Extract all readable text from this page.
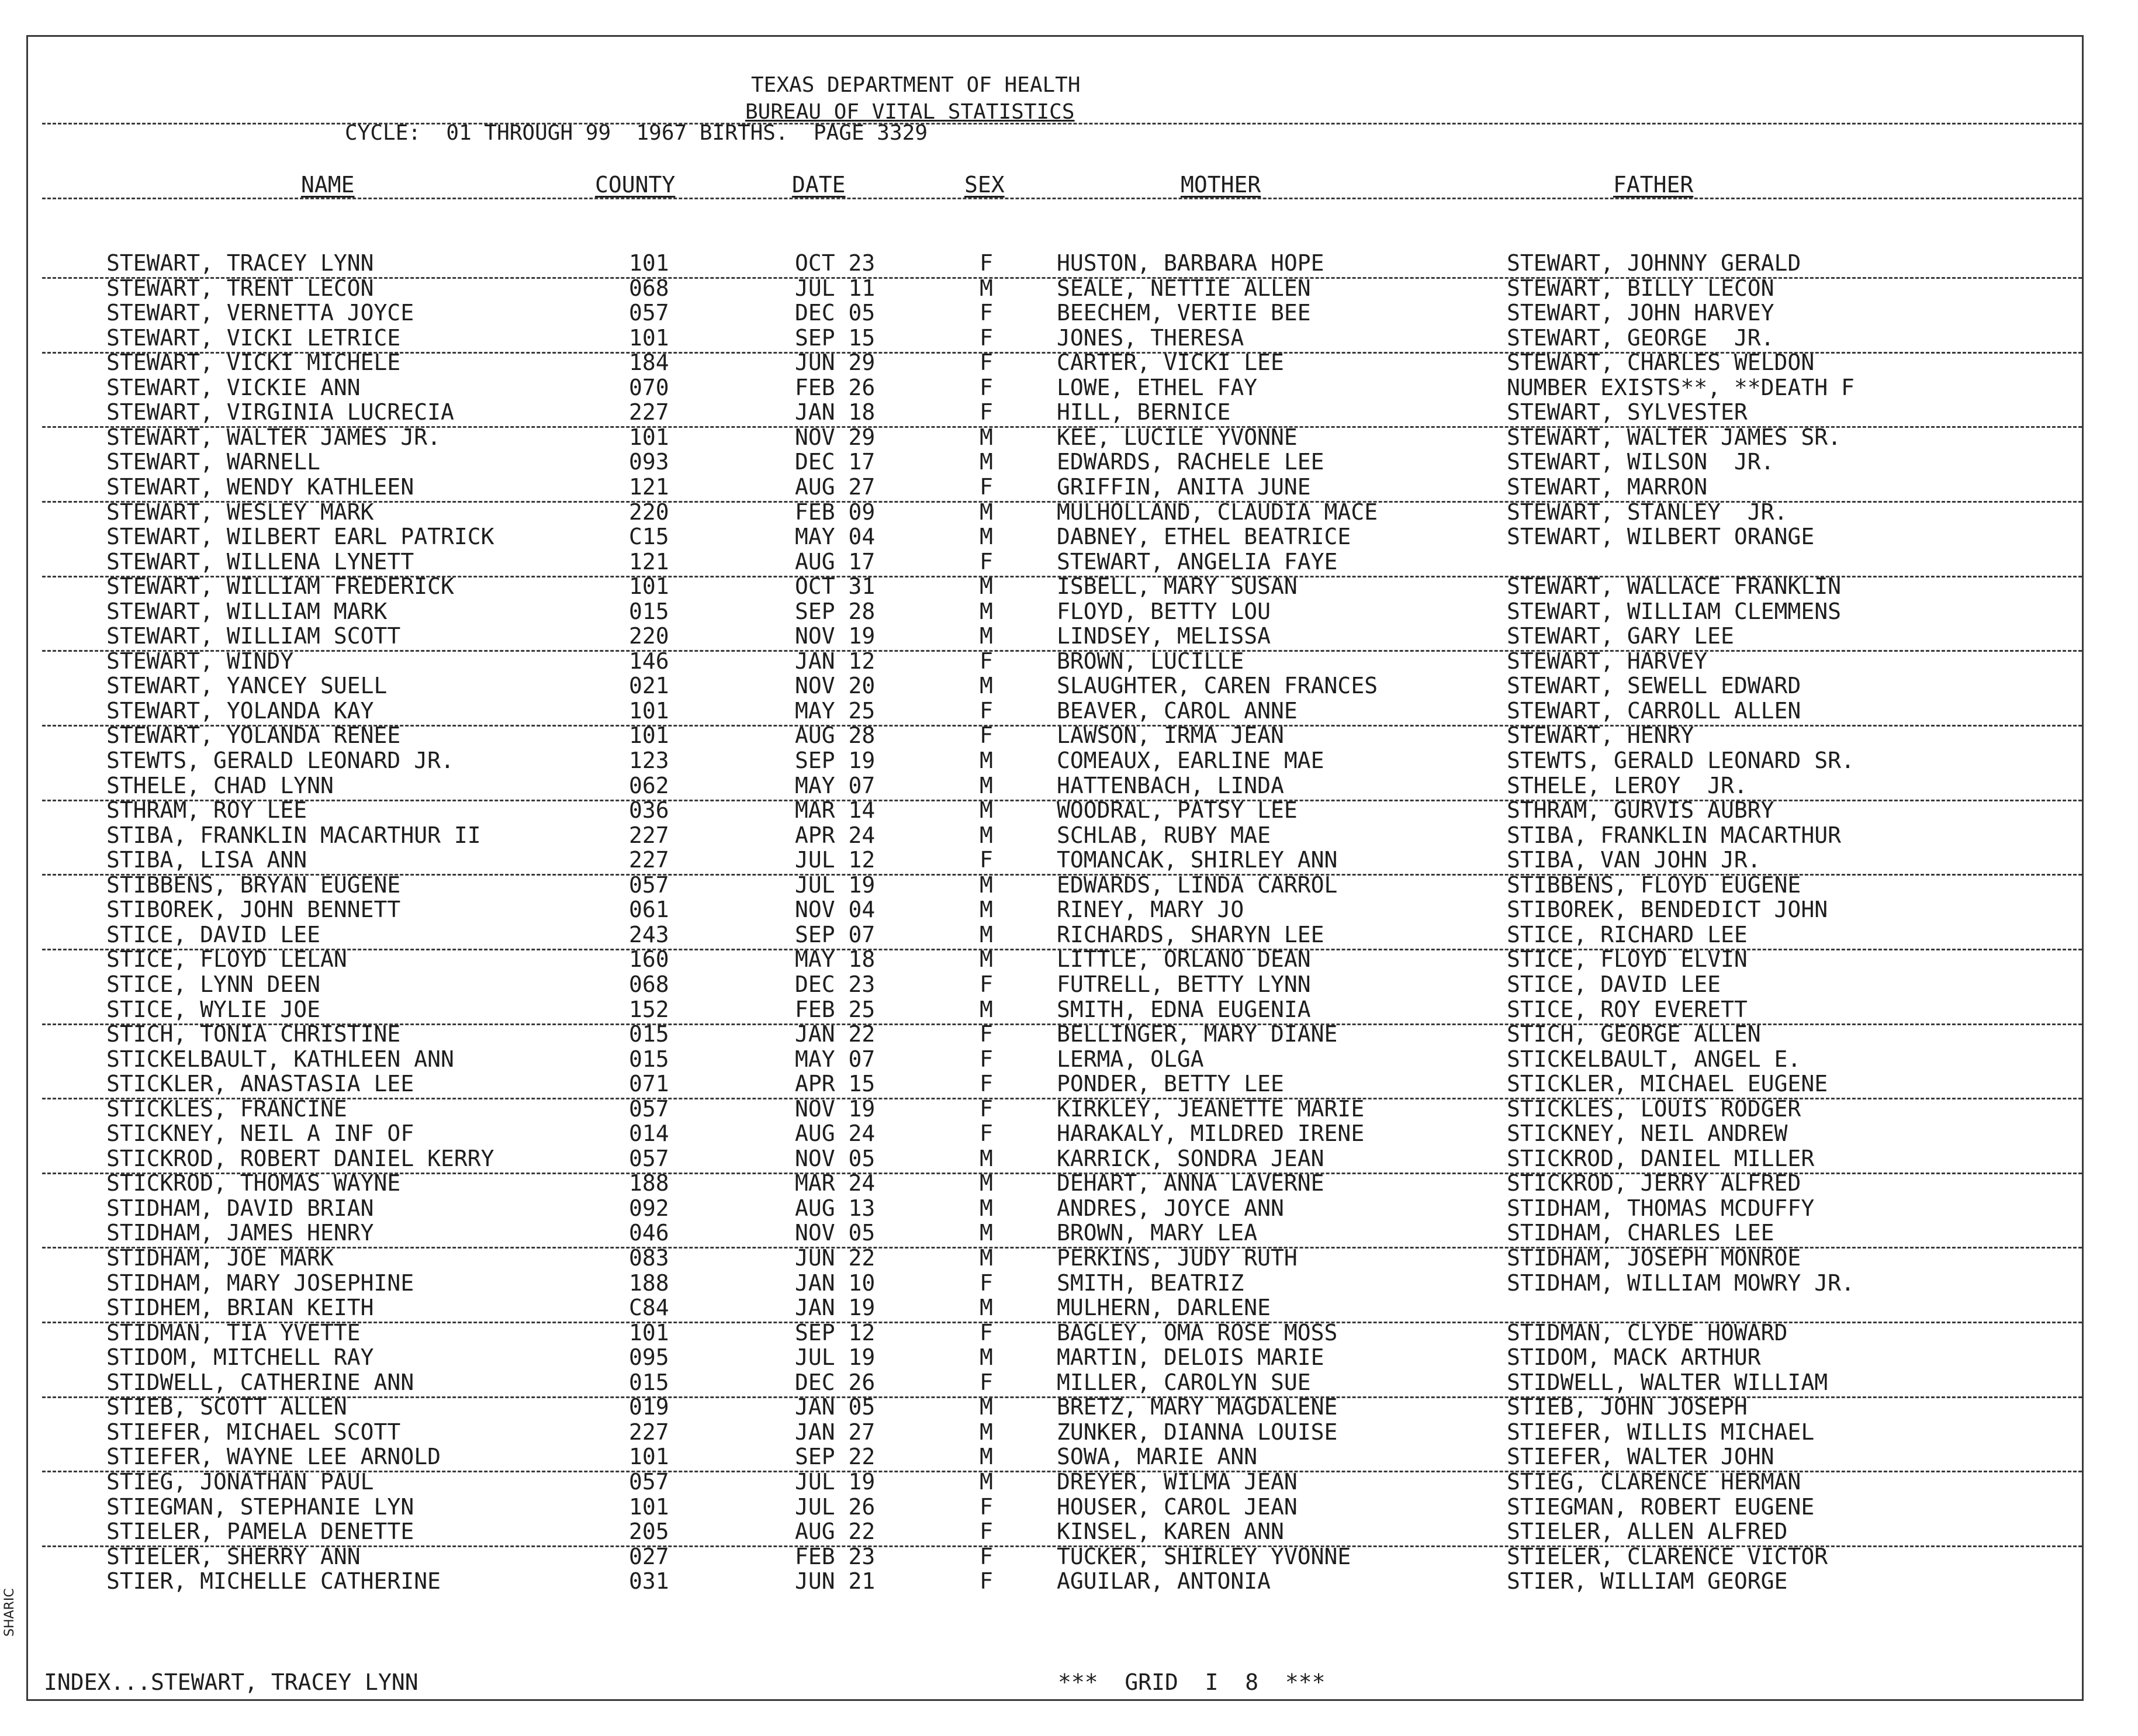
TEXAS DEPARTMENT OF HEALTH
BUREAU OF VITAL STATISTICS
CYCLE:  01 THROUGH 99  1967 BIRTHS.  PAGE 3329
NAME	COUNTY	DATE	SEX	MOTHER	FATHER
STEWART, TRACEY LYNN	101	OCT 23	F	HUSTON, BARBARA HOPE	STEWART, JOHNNY GERALD
STEWART, TRENT LECON	068	JUL 11	M	SEALE, NETTIE ALLEN	STEWART, BILLY LECON
STEWART, VERNETTA JOYCE	057	DEC 05	F	BEECHEM, VERTIE BEE	STEWART, JOHN HARVEY
STEWART, VICKI LETRICE	101	SEP 15	F	JONES, THERESA	STEWART, GEORGE  JR.
STEWART, VICKI MICHELE	184	JUN 29	F	CARTER, VICKI LEE	STEWART, CHARLES WELDON
STEWART, VICKIE ANN	070	FEB 26	F	LOWE, ETHEL FAY	NUMBER EXISTS**, **DEATH F
STEWART, VIRGINIA LUCRECIA	227	JAN 18	F	HILL, BERNICE	STEWART, SYLVESTER
STEWART, WALTER JAMES JR.	101	NOV 29	M	KEE, LUCILE YVONNE	STEWART, WALTER JAMES SR.
STEWART, WARNELL	093	DEC 17	M	EDWARDS, RACHELE LEE	STEWART, WILSON  JR.
STEWART, WENDY KATHLEEN	121	AUG 27	F	GRIFFIN, ANITA JUNE	STEWART, MARRON
STEWART, WESLEY MARK	220	FEB 09	M	MULHOLLAND, CLAUDIA MACE	STEWART, STANLEY  JR.
STEWART, WILBERT EARL PATRICK	C15	MAY 04	M	DABNEY, ETHEL BEATRICE	STEWART, WILBERT ORANGE
STEWART, WILLENA LYNETT	121	AUG 17	F	STEWART, ANGELIA FAYE
STEWART, WILLIAM FREDERICK	101	OCT 31	M	ISBELL, MARY SUSAN	STEWART, WALLACE FRANKLIN
STEWART, WILLIAM MARK	015	SEP 28	M	FLOYD, BETTY LOU	STEWART, WILLIAM CLEMMENS
STEWART, WILLIAM SCOTT	220	NOV 19	M	LINDSEY, MELISSA	STEWART, GARY LEE
STEWART, WINDY	146	JAN 12	F	BROWN, LUCILLE	STEWART, HARVEY
STEWART, YANCEY SUELL	021	NOV 20	M	SLAUGHTER, CAREN FRANCES	STEWART, SEWELL EDWARD
STEWART, YOLANDA KAY	101	MAY 25	F	BEAVER, CAROL ANNE	STEWART, CARROLL ALLEN
STEWART, YOLANDA RENEE	101	AUG 28	F	LAWSON, IRMA JEAN	STEWART, HENRY
STEWTS, GERALD LEONARD JR.	123	SEP 19	M	COMEAUX, EARLINE MAE	STEWTS, GERALD LEONARD SR.
STHELE, CHAD LYNN	062	MAY 07	M	HATTENBACH, LINDA	STHELE, LEROY  JR.
STHRAM, ROY LEE	036	MAR 14	M	WOODRAL, PATSY LEE	STHRAM, GURVIS AUBRY
STIBA, FRANKLIN MACARTHUR II	227	APR 24	M	SCHLAB, RUBY MAE	STIBA, FRANKLIN MACARTHUR
STIBA, LISA ANN	227	JUL 12	F	TOMANCAK, SHIRLEY ANN	STIBA, VAN JOHN JR.
STIBBENS, BRYAN EUGENE	057	JUL 19	M	EDWARDS, LINDA CARROL	STIBBENS, FLOYD EUGENE
STIBOREK, JOHN BENNETT	061	NOV 04	M	RINEY, MARY JO	STIBOREK, BENDEDICT JOHN
STICE, DAVID LEE	243	SEP 07	M	RICHARDS, SHARYN LEE	STICE, RICHARD LEE
STICE, FLOYD LELAN	160	MAY 18	M	LITTLE, ORLANO DEAN	STICE, FLOYD ELVIN
STICE, LYNN DEEN	068	DEC 23	F	FUTRELL, BETTY LYNN	STICE, DAVID LEE
STICE, WYLIE JOE	152	FEB 25	M	SMITH, EDNA EUGENIA	STICE, ROY EVERETT
STICH, TONIA CHRISTINE	015	JAN 22	F	BELLINGER, MARY DIANE	STICH, GEORGE ALLEN
STICKELBAULT, KATHLEEN ANN	015	MAY 07	F	LERMA, OLGA	STICKELBAULT, ANGEL E.
STICKLER, ANASTASIA LEE	071	APR 15	F	PONDER, BETTY LEE	STICKLER, MICHAEL EUGENE
STICKLES, FRANCINE	057	NOV 19	F	KIRKLEY, JEANETTE MARIE	STICKLES, LOUIS RODGER
STICKNEY, NEIL A INF OF	014	AUG 24	F	HARAKALY, MILDRED IRENE	STICKNEY, NEIL ANDREW
STICKROD, ROBERT DANIEL KERRY	057	NOV 05	M	KARRICK, SONDRA JEAN	STICKROD, DANIEL MILLER
STICKROD, THOMAS WAYNE	188	MAR 24	M	DEHART, ANNA LAVERNE	STICKROD, JERRY ALFRED
STIDHAM, DAVID BRIAN	092	AUG 13	M	ANDRES, JOYCE ANN	STIDHAM, THOMAS MCDUFFY
STIDHAM, JAMES HENRY	046	NOV 05	M	BROWN, MARY LEA	STIDHAM, CHARLES LEE
STIDHAM, JOE MARK	083	JUN 22	M	PERKINS, JUDY RUTH	STIDHAM, JOSEPH MONROE
STIDHAM, MARY JOSEPHINE	188	JAN 10	F	SMITH, BEATRIZ	STIDHAM, WILLIAM MOWRY JR.
STIDHEM, BRIAN KEITH	C84	JAN 19	M	MULHERN, DARLENE
STIDMAN, TIA YVETTE	101	SEP 12	F	BAGLEY, OMA ROSE MOSS	STIDMAN, CLYDE HOWARD
STIDOM, MITCHELL RAY	095	JUL 19	M	MARTIN, DELOIS MARIE	STIDOM, MACK ARTHUR
STIDWELL, CATHERINE ANN	015	DEC 26	F	MILLER, CAROLYN SUE	STIDWELL, WALTER WILLIAM
STIEB, SCOTT ALLEN	019	JAN 05	M	BRETZ, MARY MAGDALENE	STIEB, JOHN JOSEPH
STIEFER, MICHAEL SCOTT	227	JAN 27	M	ZUNKER, DIANNA LOUISE	STIEFER, WILLIS MICHAEL
STIEFER, WAYNE LEE ARNOLD	101	SEP 22	M	SOWA, MARIE ANN	STIEFER, WALTER JOHN
STIEG, JONATHAN PAUL	057	JUL 19	M	DREYER, WILMA JEAN	STIEG, CLARENCE HERMAN
STIEGMAN, STEPHANIE LYN	101	JUL 26	F	HOUSER, CAROL JEAN	STIEGMAN, ROBERT EUGENE
STIELER, PAMELA DENETTE	205	AUG 22	F	KINSEL, KAREN ANN	STIELER, ALLEN ALFRED
STIELER, SHERRY ANN	027	FEB 23	F	TUCKER, SHIRLEY YVONNE	STIELER, CLARENCE VICTOR
STIER, MICHELLE CATHERINE	031	JUN 21	F	AGUILAR, ANTONIA	STIER, WILLIAM GEORGE
INDEX...STEWART, TRACEY LYNN	***  GRID  I  8  ***
SHARIC
